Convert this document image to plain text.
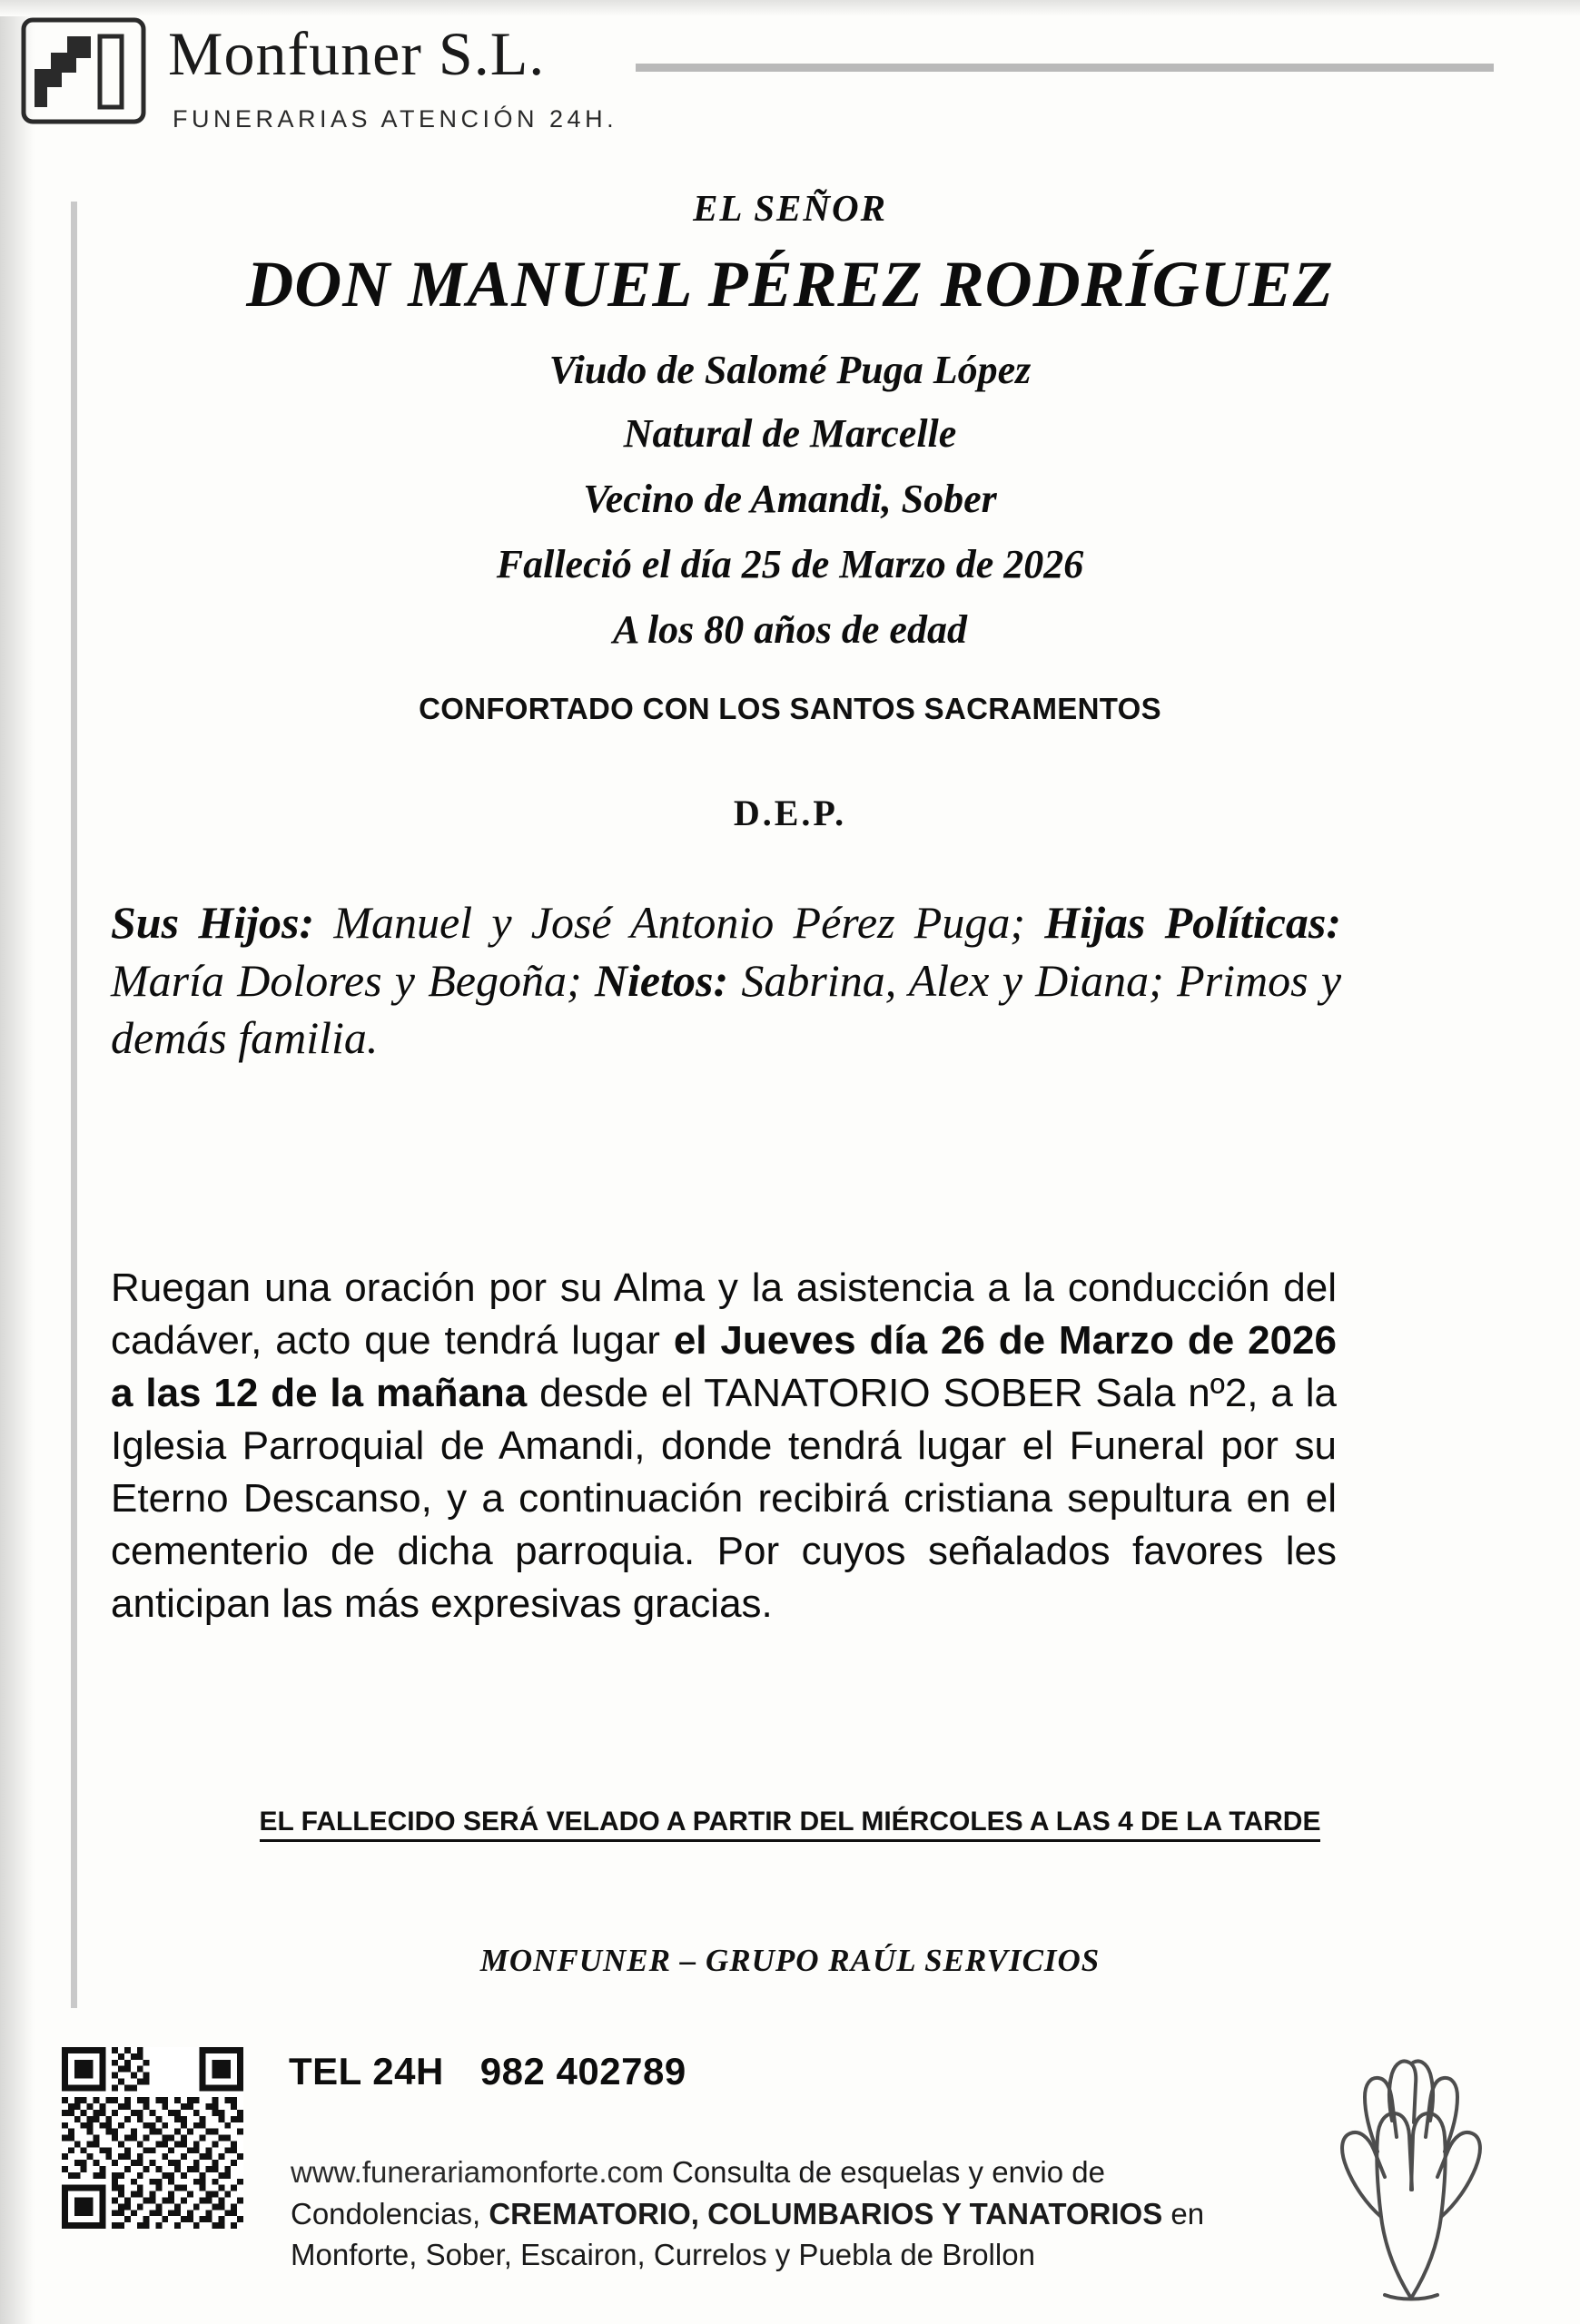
Monfuner S.L.
FUNERARIAS ATENCIÓN 24H.
EL SEÑOR
DON MANUEL PÉREZ RODRÍGUEZ
Viudo de Salomé Puga López
Natural de Marcelle
Vecino de Amandi, Sober
Falleció el día 25 de Marzo de 2026
A los 80 años de edad
CONFORTADO CON LOS SANTOS SACRAMENTOS
D.E.P.
Sus Hijos: Manuel y José Antonio Pérez Puga; Hijas Políticas: María Dolores y Begoña; Nietos: Sabrina, Alex y Diana; Primos y demás familia.
Ruegan una oración por su Alma y la asistencia a la conducción del cadáver, acto que tendrá lugar el Jueves día 26 de Marzo de 2026 a las 12 de la mañana desde el TANATORIO SOBER Sala nº2, a la Iglesia Parroquial de Amandi, donde tendrá lugar el Funeral por su Eterno Descanso, y a continuación recibirá cristiana sepultura en el cementerio de dicha parroquia. Por cuyos señalados favores les anticipan las más expresivas gracias.
EL FALLECIDO SERÁ VELADO A PARTIR DEL MIÉRCOLES A LAS 4 DE LA TARDE
MONFUNER – GRUPO RAÚL SERVICIOS
TEL 24H 982 402789
www.funerariamonforte.com Consulta de esquelas y envio de Condolencias, CREMATORIO, COLUMBARIOS Y TANATORIOS en Monforte, Sober, Escairon, Currelos y Puebla de Brollon
